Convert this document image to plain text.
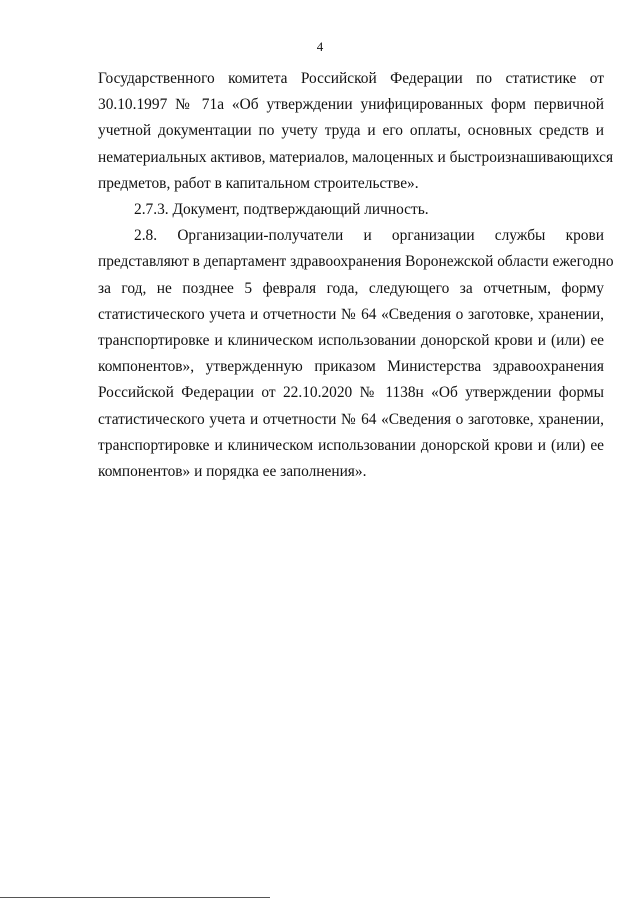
4

Государственного комитета Российской Федерации по статистике от
30.10.1997 № 71а «Об утверждении унифицированных форм первичной
учетной документации по учету труда и его оплаты, основных средств и
нематериальных активов, материалов, малоценных и быстроизнашивающихся
предметов, работ в капитальном строительстве».

2.7.3. Документ, подтверждающий личность.

2.8. Организации-получатели и организации службы крови
представляют в департамент здравоохранения Воронежской области ежегодно
за год, не позднее 5 февраля года, следующего за отчетным, форму
статистического учета и отчетности № 64 «Сведения о заготовке, хранении,
транспортировке и клиническом использовании донорской крови и (или) ее
компонентов», утвержденную приказом Министерства здравоохранения
Российской Федерации от 22.10.2020 № 1138н «Об утверждении формы
статистического учета и отчетности № 64 «Сведения о заготовке, хранении,
транспортировке и клиническом использовании донорской крови и (или) ее
компонентов» и порядка ее заполнения».
